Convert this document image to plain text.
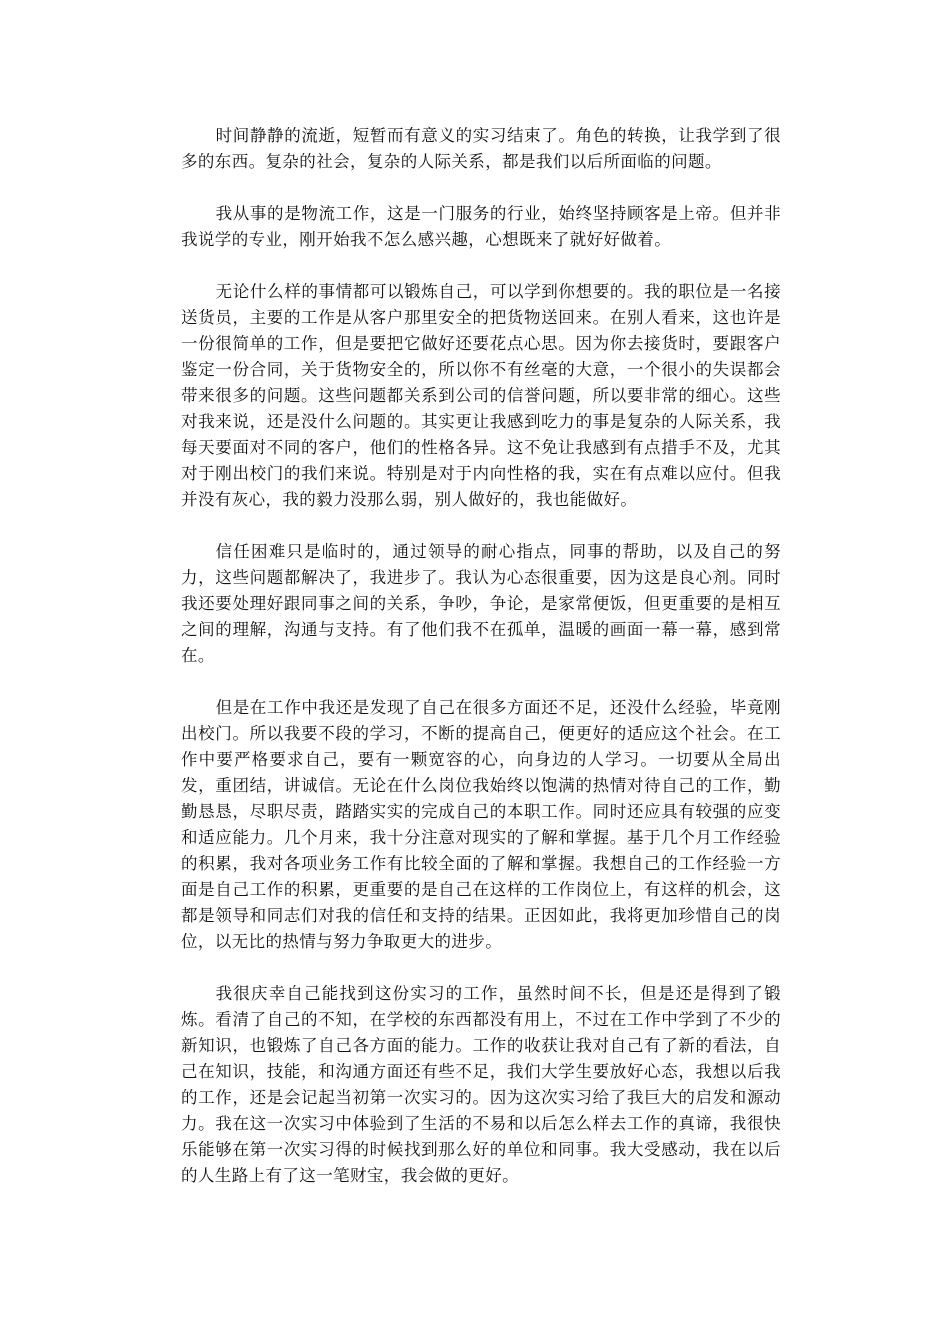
时间静静的流逝，短暂而有意义的实习结束了。角色的转换，让我学到了很多的东西。复杂的社会，复杂的人际关系，都是我们以后所面临的问题。

我从事的是物流工作，这是一门服务的行业，始终坚持顾客是上帝。但并非我说学的专业，刚开始我不怎么感兴趣，心想既来了就好好做着。

无论什么样的事情都可以锻炼自己，可以学到你想要的。我的职位是一名接送货员，主要的工作是从客户那里安全的把货物送回来。在别人看来，这也许是一份很简单的工作，但是要把它做好还要花点心思。因为你去接货时，要跟客户鉴定一份合同，关于货物安全的，所以你不有丝毫的大意，一个很小的失误都会带来很多的问题。这些问题都关系到公司的信誉问题，所以要非常的细心。这些对我来说，还是没什么问题的。其实更让我感到吃力的事是复杂的人际关系，我每天要面对不同的客户，他们的性格各异。这不免让我感到有点措手不及，尤其对于刚出校门的我们来说。特别是对于内向性格的我，实在有点难以应付。但我并没有灰心，我的毅力没那么弱，别人做好的，我也能做好。

信任困难只是临时的，通过领导的耐心指点，同事的帮助，以及自己的努力，这些问题都解决了，我进步了。我认为心态很重要，因为这是良心剂。同时我还要处理好跟同事之间的关系，争吵，争论，是家常便饭，但更重要的是相互之间的理解，沟通与支持。有了他们我不在孤单，温暖的画面一幕一幕，感到常在。

但是在工作中我还是发现了自己在很多方面还不足，还没什么经验，毕竟刚出校门。所以我要不段的学习，不断的提高自己，便更好的适应这个社会。在工作中要严格要求自己，要有一颗宽容的心，向身边的人学习。一切要从全局出发，重团结，讲诚信。无论在什么岗位我始终以饱满的热情对待自己的工作，勤勤恳恳，尽职尽责，踏踏实实的完成自己的本职工作。同时还应具有较强的应变和适应能力。几个月来，我十分注意对现实的了解和掌握。基于几个月工作经验的积累，我对各项业务工作有比较全面的了解和掌握。我想自己的工作经验一方面是自己工作的积累，更重要的是自己在这样的工作岗位上，有这样的机会，这都是领导和同志们对我的信任和支持的结果。正因如此，我将更加珍惜自己的岗位，以无比的热情与努力争取更大的进步。

我很庆幸自己能找到这份实习的工作，虽然时间不长，但是还是得到了锻炼。看清了自己的不知，在学校的东西都没有用上，不过在工作中学到了不少的新知识，也锻炼了自己各方面的能力。工作的收获让我对自己有了新的看法，自己在知识，技能，和沟通方面还有些不足，我们大学生要放好心态，我想以后我的工作，还是会记起当初第一次实习的。因为这次实习给了我巨大的启发和源动力。我在这一次实习中体验到了生活的不易和以后怎么样去工作的真谛，我很快乐能够在第一次实习得的时候找到那么好的单位和同事。我大受感动，我在以后的人生路上有了这一笔财宝，我会做的更好。
